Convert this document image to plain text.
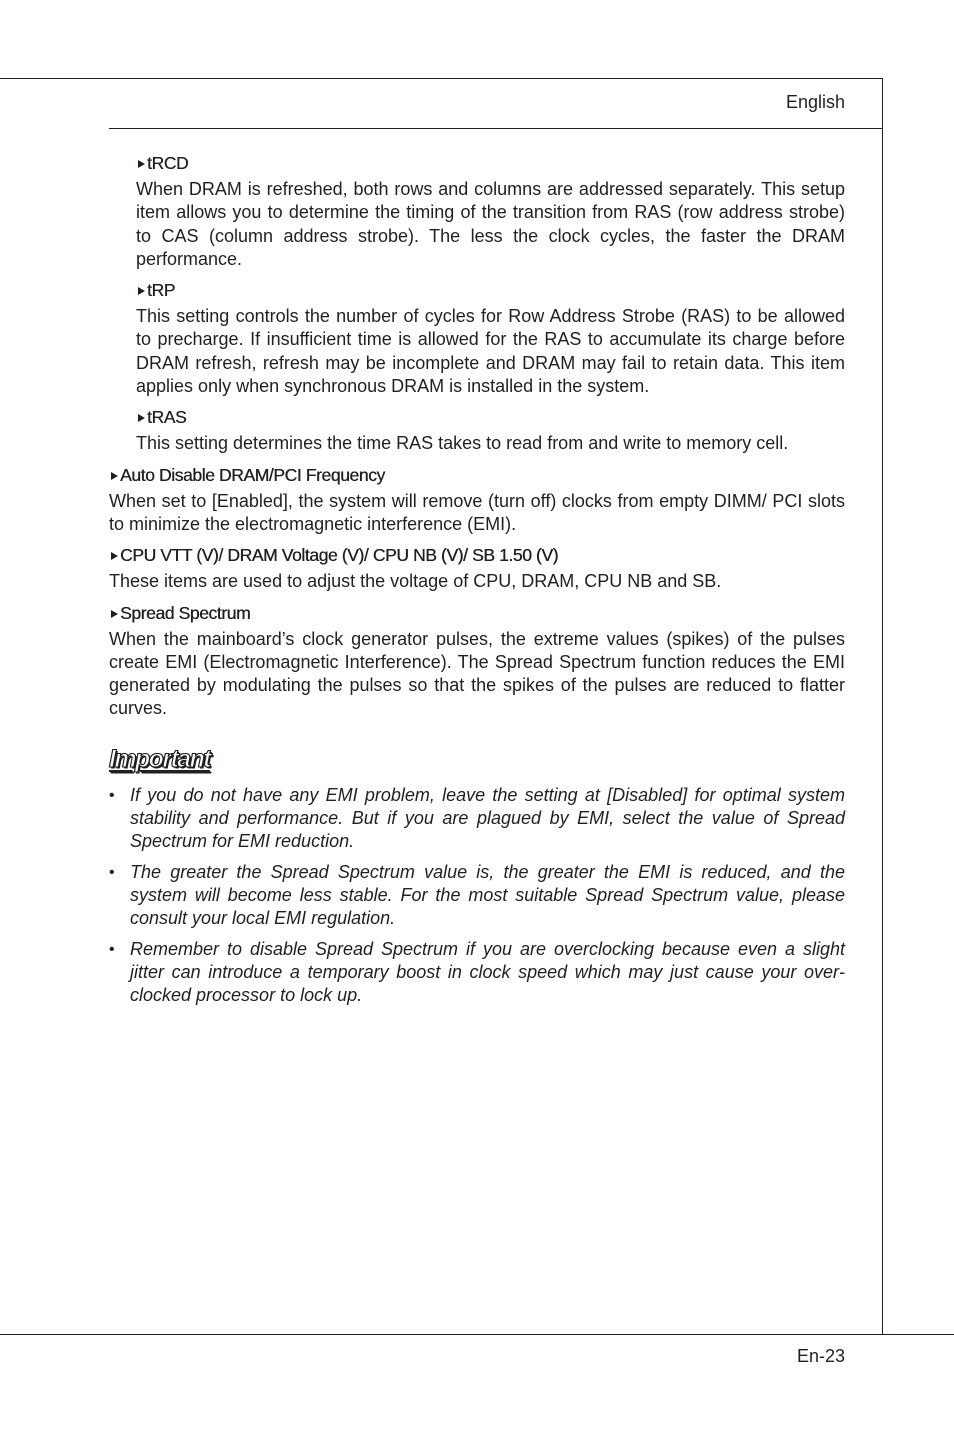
English
tRCD

When DRAM is refreshed, both rows and columns are addressed separately. This setup item allows you to determine the timing of the transition from RAS (row address strobe) to CAS (column address strobe). The less the clock cycles, the faster the DRAM performance.

tRP

This setting controls the number of cycles for Row Address Strobe (RAS) to be allowed to precharge. If insufficient time is allowed for the RAS to accumulate its charge before DRAM refresh, refresh may be incomplete and DRAM may fail to retain data. This item applies only when synchronous DRAM is installed in the system.

tRAS

This setting determines the time RAS takes to read from and write to memory cell.

Auto Disable DRAM/PCI Frequency

When set to [Enabled], the system will remove (turn off) clocks from empty DIMM/ PCI slots to minimize the electromagnetic interference (EMI).

CPU VTT (V)/ DRAM Voltage (V)/ CPU NB (V)/ SB 1.50 (V)

These items are used to adjust the voltage of CPU, DRAM, CPU NB and SB.

Spread Spectrum

When the mainboard’s clock generator pulses, the extreme values (spikes) of the pulses create EMI (Electromagnetic Interference). The Spread Spectrum function reduces the EMI generated by modulating the pulses so that the spikes of the pulses are reduced to flatter curves.

Important
• If you do not have any EMI problem, leave the setting at [Disabled] for optimal system stability and performance. But if you are plagued by EMI, select the value of Spread Spectrum for EMI reduction.
• The greater the Spread Spectrum value is, the greater the EMI is reduced, and the system will become less stable. For the most suitable Spread Spectrum value, please consult your local EMI regulation.
• Remember to disable Spread Spectrum if you are overclocking because even a slight jitter can introduce a temporary boost in clock speed which may just cause your overclocked processor to lock up.
En-23
